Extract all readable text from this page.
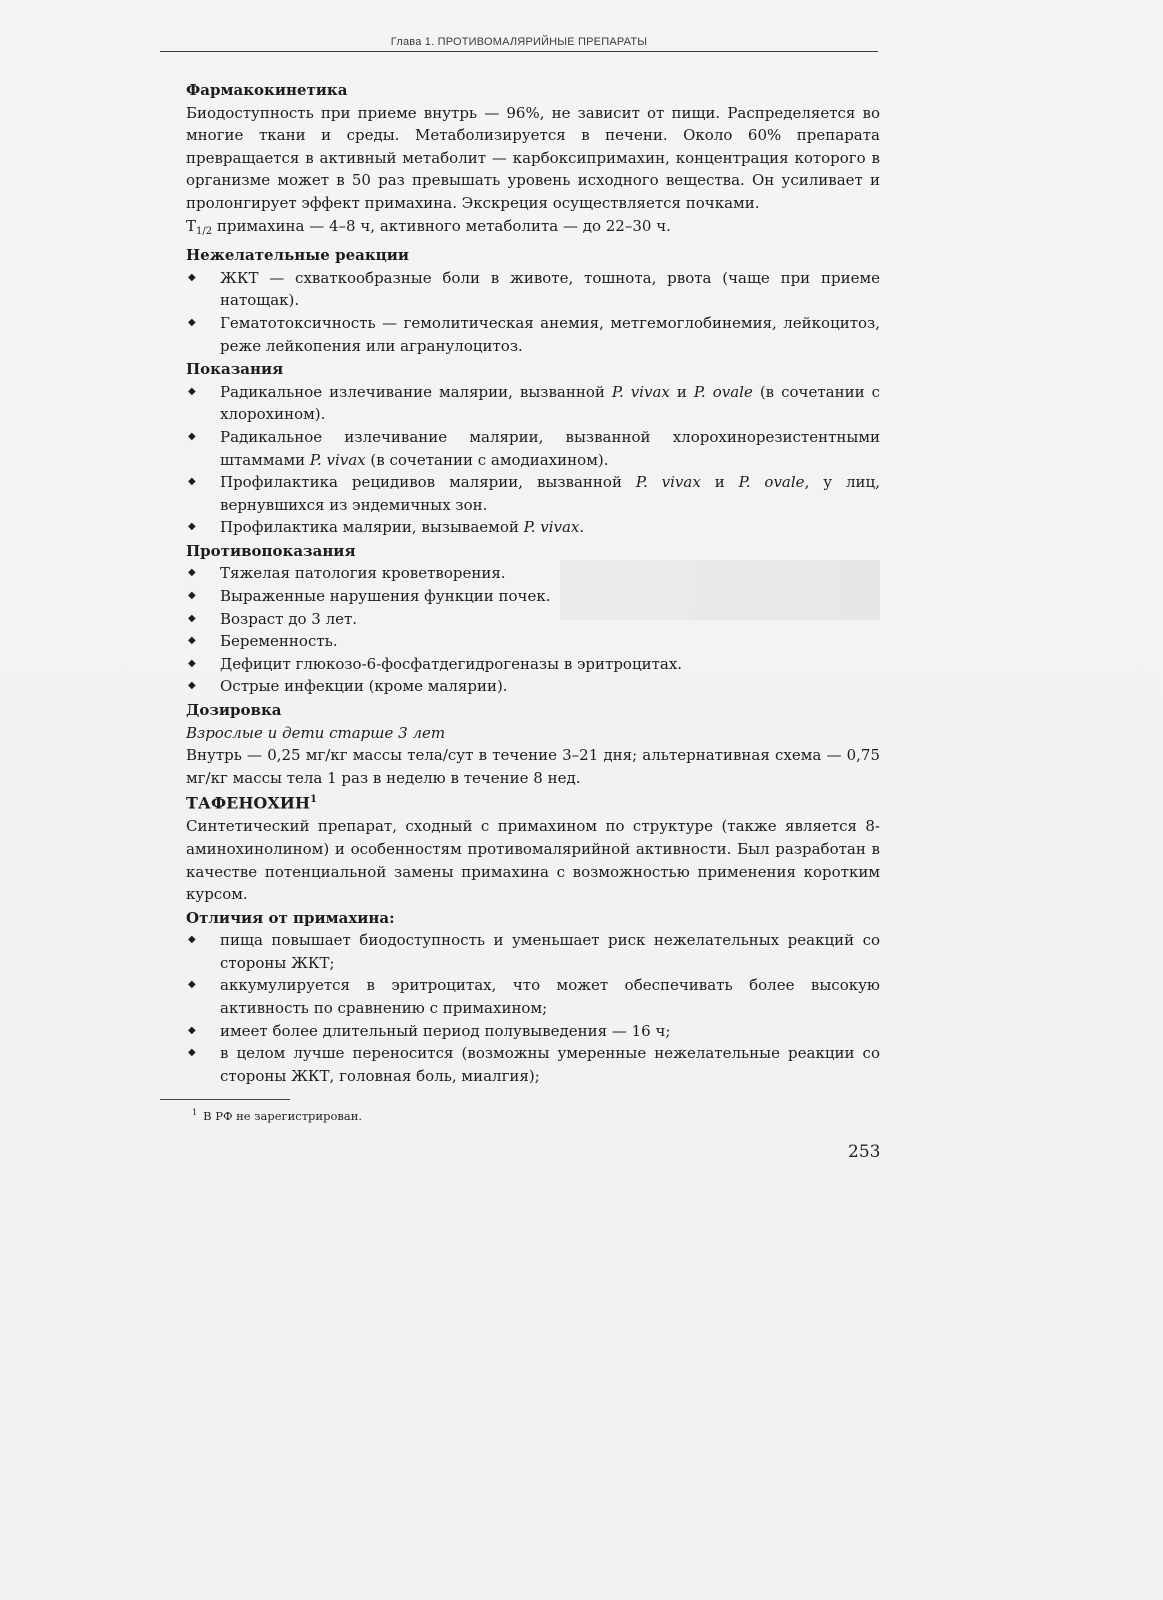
Глава 1. ПРОТИВОМАЛЯРИЙНЫЕ ПРЕПАРАТЫ

Фармакокинетика

Биодоступность при приеме внутрь — 96%, не зависит от пищи. Распределяется во многие ткани и среды. Метаболизируется в печени. Около 60% препарата превращается в активный метаболит — карбоксипримахин, концентрация которого в организме может в 50 раз превышать уровень исходного вещества. Он усиливает и пролонгирует эффект примахина. Экскреция осуществляется почками.
$T_{1/2}$ примахина — 4–8 ч, активного метаболита — до 22–30 ч.

Нежелательные реакции

◆ ЖКТ — схваткообразные боли в животе, тошнота, рвота (чаще при приеме натощак).
◆ Гематотоксичность — гемолитическая анемия, метгемоглобинемия, лейкоцитоз, реже лейкопения или агранулоцитоз.

Показания

◆ Радикальное излечивание малярии, вызванной P. vivax и P. ovale (в сочетании с хлорохином).
◆ Радикальное излечивание малярии, вызванной хлорохинорезистентными штаммами P. vivax (в сочетании с амодиахином).
◆ Профилактика рецидивов малярии, вызванной P. vivax и P. ovale, у лиц, вернувшихся из эндемичных зон.
◆ Профилактика малярии, вызываемой P. vivax.

Противопоказания

◆ Тяжелая патология кроветворения.
◆ Выраженные нарушения функции почек.
◆ Возраст до 3 лет.
◆ Беременность.
◆ Дефицит глюкозо-6-фосфатдегидрогеназы в эритроцитах.
◆ Острые инфекции (кроме малярии).

Дозировка

Взрослые и дети старше 3 лет

Внутрь — 0,25 мг/кг массы тела/сут в течение 3–21 дня; альтернативная схема — 0,75 мг/кг массы тела 1 раз в неделю в течение 8 нед.

ТАФЕНОХИН$^1$

Синтетический препарат, сходный с примахином по структуре (также является 8-аминохинолином) и особенностям противомалярийной активности. Был разработан в качестве потенциальной замены примахина с возможностью применения коротким курсом.

Отличия от примахина:

◆ пища повышает биодоступность и уменьшает риск нежелательных реакций со стороны ЖКТ;
◆ аккумулируется в эритроцитах, что может обеспечивать более высокую активность по сравнению с примахином;
◆ имеет более длительный период полувыведения — 16 ч;
◆ в целом лучше переносится (возможны умеренные нежелательные реакции со стороны ЖКТ, головная боль, миалгия);
$^1$ В РФ не зарегистрирован.
253
